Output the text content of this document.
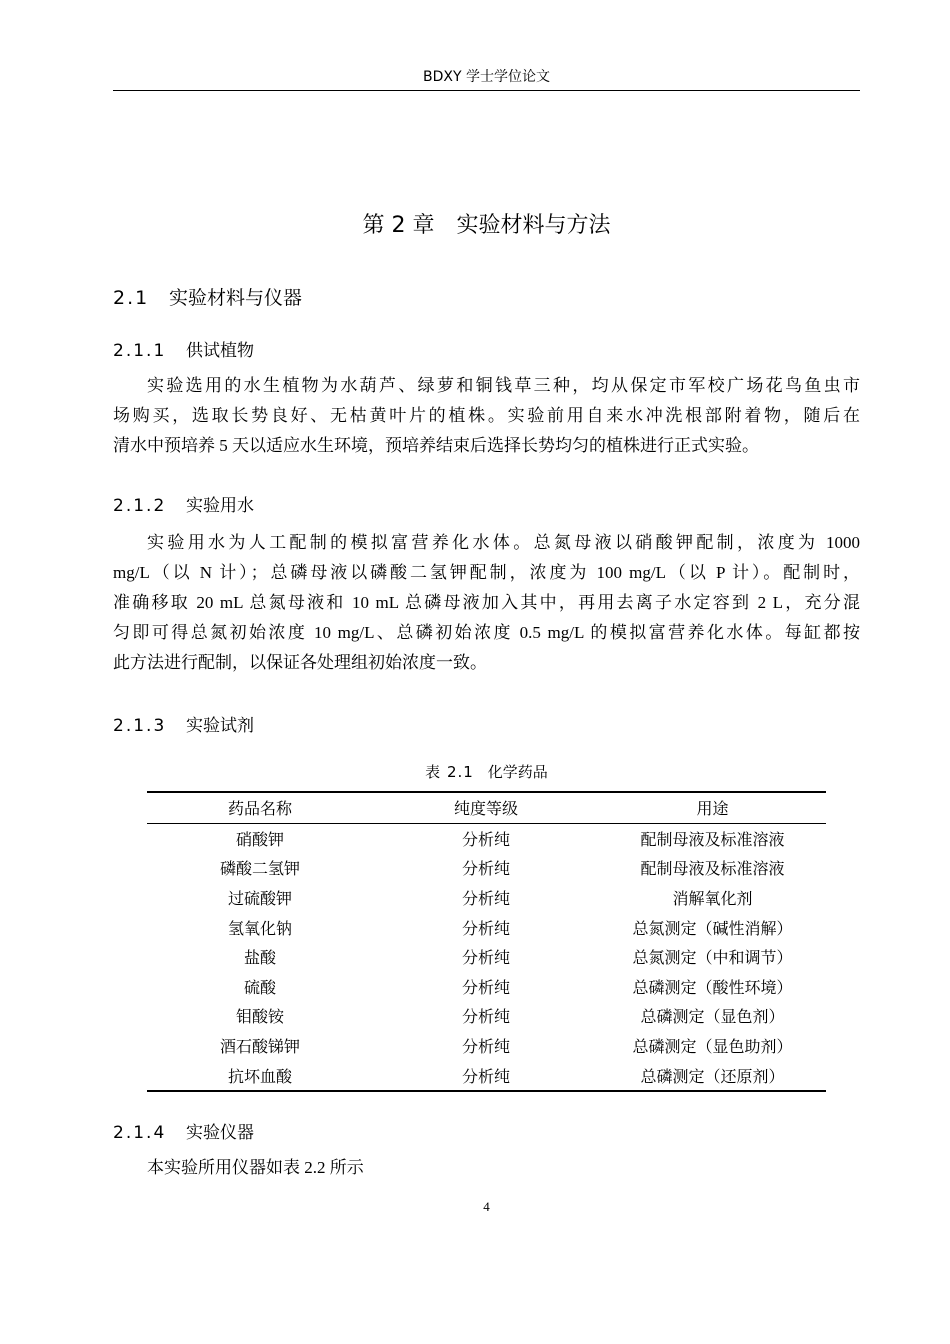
BDXY 学士学位论文
第 2 章 实验材料与方法
2.1 实验材料与仪器
2.1.1 供试植物
实验选用的水生植物为水葫芦、绿萝和铜钱草三种，均从保定市军校广场花鸟鱼虫市
场购买，选取长势良好、无枯黄叶片的植株。实验前用自来水冲洗根部附着物，随后在
清水中预培养 5 天以适应水生环境，预培养结束后选择长势均匀的植株进行正式实验。
2.1.2 实验用水
实验用水为人工配制的模拟富营养化水体。总氮母液以硝酸钾配制，浓度为 1000
mg/L（以 N 计）；总磷母液以磷酸二氢钾配制，浓度为 100 mg/L（以 P 计）。配制时，
准确移取 20 mL 总氮母液和 10 mL 总磷母液加入其中，再用去离子水定容到 2 L，充分混
匀即可得总氮初始浓度 10 mg/L、总磷初始浓度 0.5 mg/L 的模拟富营养化水体。每缸都按
此方法进行配制，以保证各处理组初始浓度一致。
2.1.3 实验试剂
表 2.1 化学药品
药品名称	纯度等级	用途
硝酸钾	分析纯	配制母液及标准溶液
磷酸二氢钾	分析纯	配制母液及标准溶液
过硫酸钾	分析纯	消解氧化剂
氢氧化钠	分析纯	总氮测定（碱性消解）
盐酸	分析纯	总氮测定（中和调节）
硫酸	分析纯	总磷测定（酸性环境）
钼酸铵	分析纯	总磷测定（显色剂）
酒石酸锑钾	分析纯	总磷测定（显色助剂）
抗坏血酸	分析纯	总磷测定（还原剂）
2.1.4 实验仪器
本实验所用仪器如表 2.2 所示
4
